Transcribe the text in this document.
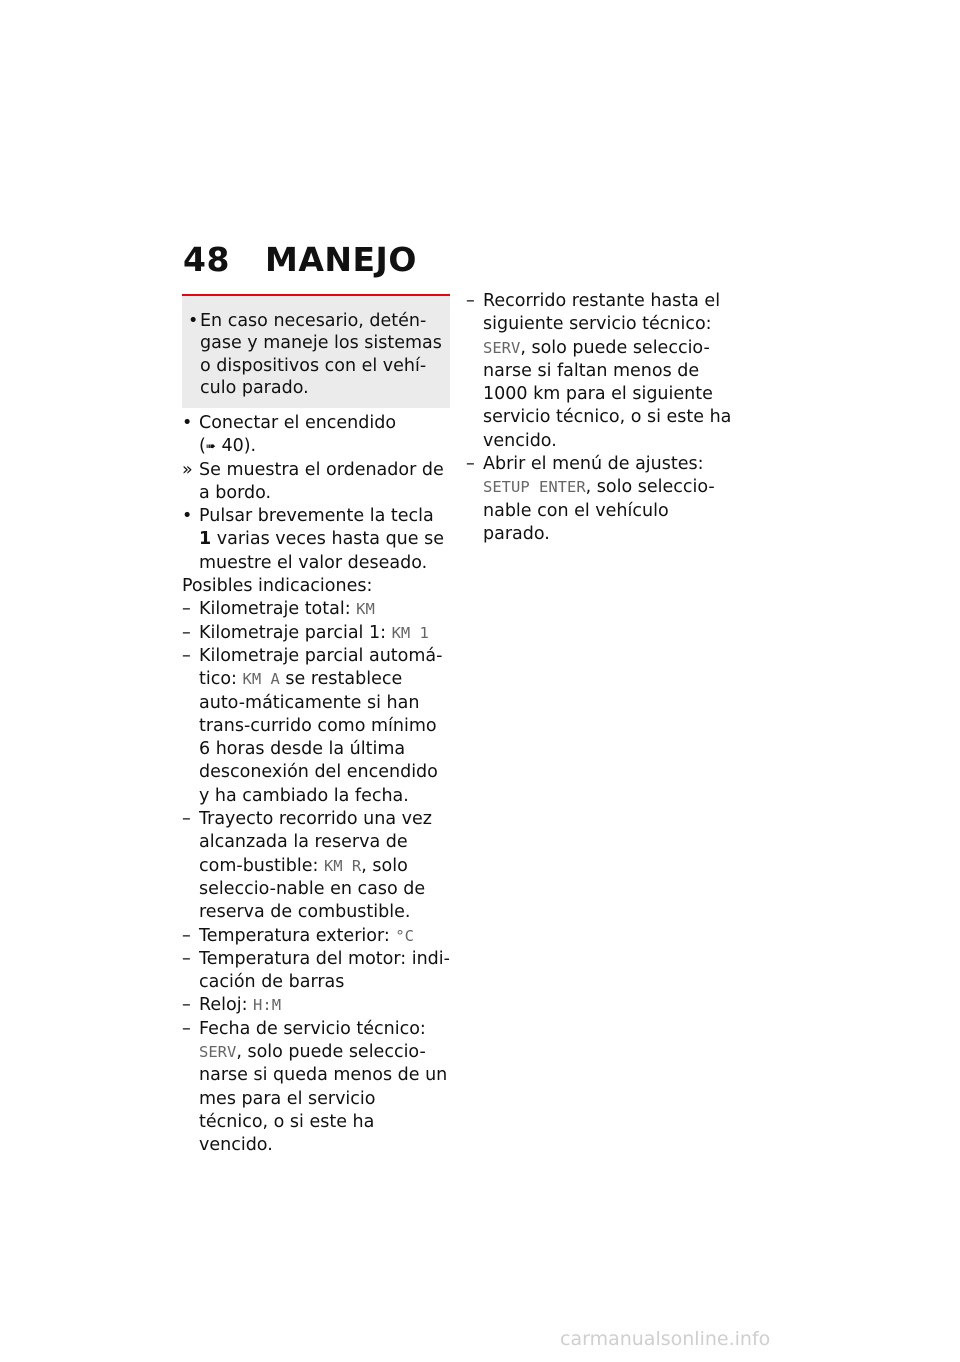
48 MANEJO
• En caso necesario, detén-gase y maneje los sistemas o dispositivos con el vehí-culo parado.
• Conectar el encendido
(➠ 40).
» Se muestra el ordenador de a bordo.
• Pulsar brevemente la tecla 1 varias veces hasta que se muestre el valor deseado.
Posibles indicaciones:
– Kilometraje total: KM
– Kilometraje parcial 1: KM 1
– Kilometraje parcial automá-tico: KM A se restablece auto-máticamente si han trans-currido como mínimo 6 horas desde la última desconexión del encendido y ha cambiado la fecha.
– Trayecto recorrido una vez alcanzada la reserva de com-bustible: KM R, solo seleccio-nable en caso de reserva de combustible.
– Temperatura exterior: °C
– Temperatura del motor: indi-cación de barras
– Reloj: H:M
– Fecha de servicio técnico: SERV, solo puede seleccio-narse si queda menos de un mes para el servicio técnico, o si este ha vencido.
– Recorrido restante hasta el siguiente servicio técnico: SERV, solo puede seleccio-narse si faltan menos de 1000 km para el siguiente servicio técnico, o si este ha vencido.
– Abrir el menú de ajustes: SETUP ENTER, solo seleccio-nable con el vehículo parado.
carmanualsonline.info
